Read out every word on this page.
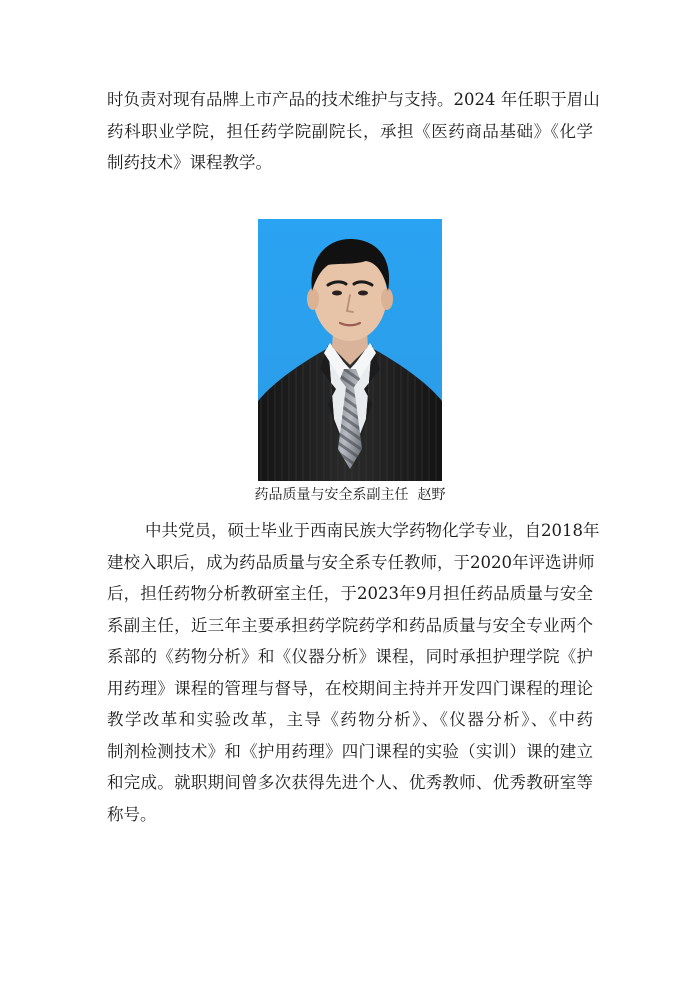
时负责对现有品牌上市产品的技术维护与支持。2024 年任职于眉山
药科职业学院，担任药学院副院长，承担《医药商品基础》《化学
制药技术》课程教学。
药品质量与安全系副主任 赵野
中共党员，硕士毕业于西南民族大学药物化学专业，自2018年
建校入职后，成为药品质量与安全系专任教师，于2020年评选讲师
后，担任药物分析教研室主任，于2023年9月担任药品质量与安全
系副主任，近三年主要承担药学院药学和药品质量与安全专业两个
系部的《药物分析》和《仪器分析》课程，同时承担护理学院《护
用药理》课程的管理与督导，在校期间主持并开发四门课程的理论
教学改革和实验改革，主导《药物分析》、《仪器分析》、《中药
制剂检测技术》和《护用药理》四门课程的实验（实训）课的建立
和完成。就职期间曾多次获得先进个人、优秀教师、优秀教研室等
称号。
